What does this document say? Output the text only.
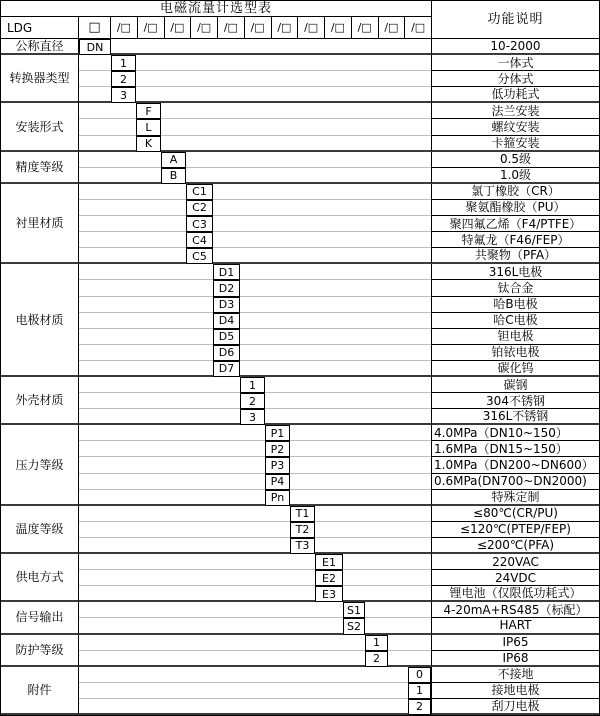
电磁流量计选型表
功能说明
LDG	□	/□	/□	/□	/□	/□	/□	/□	/□	/□	/□	/□	/□
公称直径	DN	10-2000
转换器类型
1	一体式
2	分体式
3	低功耗式
安装形式
F	法兰安装
L	螺纹安装
K	卡箍安装
精度等级
A	0.5级
B	1.0级
衬里材质
C1	氯丁橡胶（CR）
C2	聚氨酯橡胶（PU）
C3	聚四氟乙烯（F4/PTFE）
C4	特氟龙（F46/FEP）
C5	共聚物（PFA）
电极材质
D1	316L电极
D2	钛合金
D3	哈B电极
D4	哈C电极
D5	钽电极
D6	铂铱电极
D7	碳化钨
外壳材质
1	碳钢
2	304不锈钢
3	316L不锈钢
压力等级
P1	4.0MPa（DN10~150）
P2	1.6MPa（DN15~150）
P3	1.0MPa（DN200~DN600）
P4	0.6MPa(DN700~DN2000)
Pn	特殊定制
温度等级
T1	≤80℃(CR/PU)
T2	≤120℃(PTEP/FEP)
T3	≤200℃(PFA)
供电方式
E1	220VAC
E2	24VDC
E3	锂电池（仅限低功耗式）
信号输出
S1	4-20mA+RS485（标配）
S2	HART
防护等级
1	IP65
2	IP68
附件
0	不接地
1	接地电极
2	刮刀电极
